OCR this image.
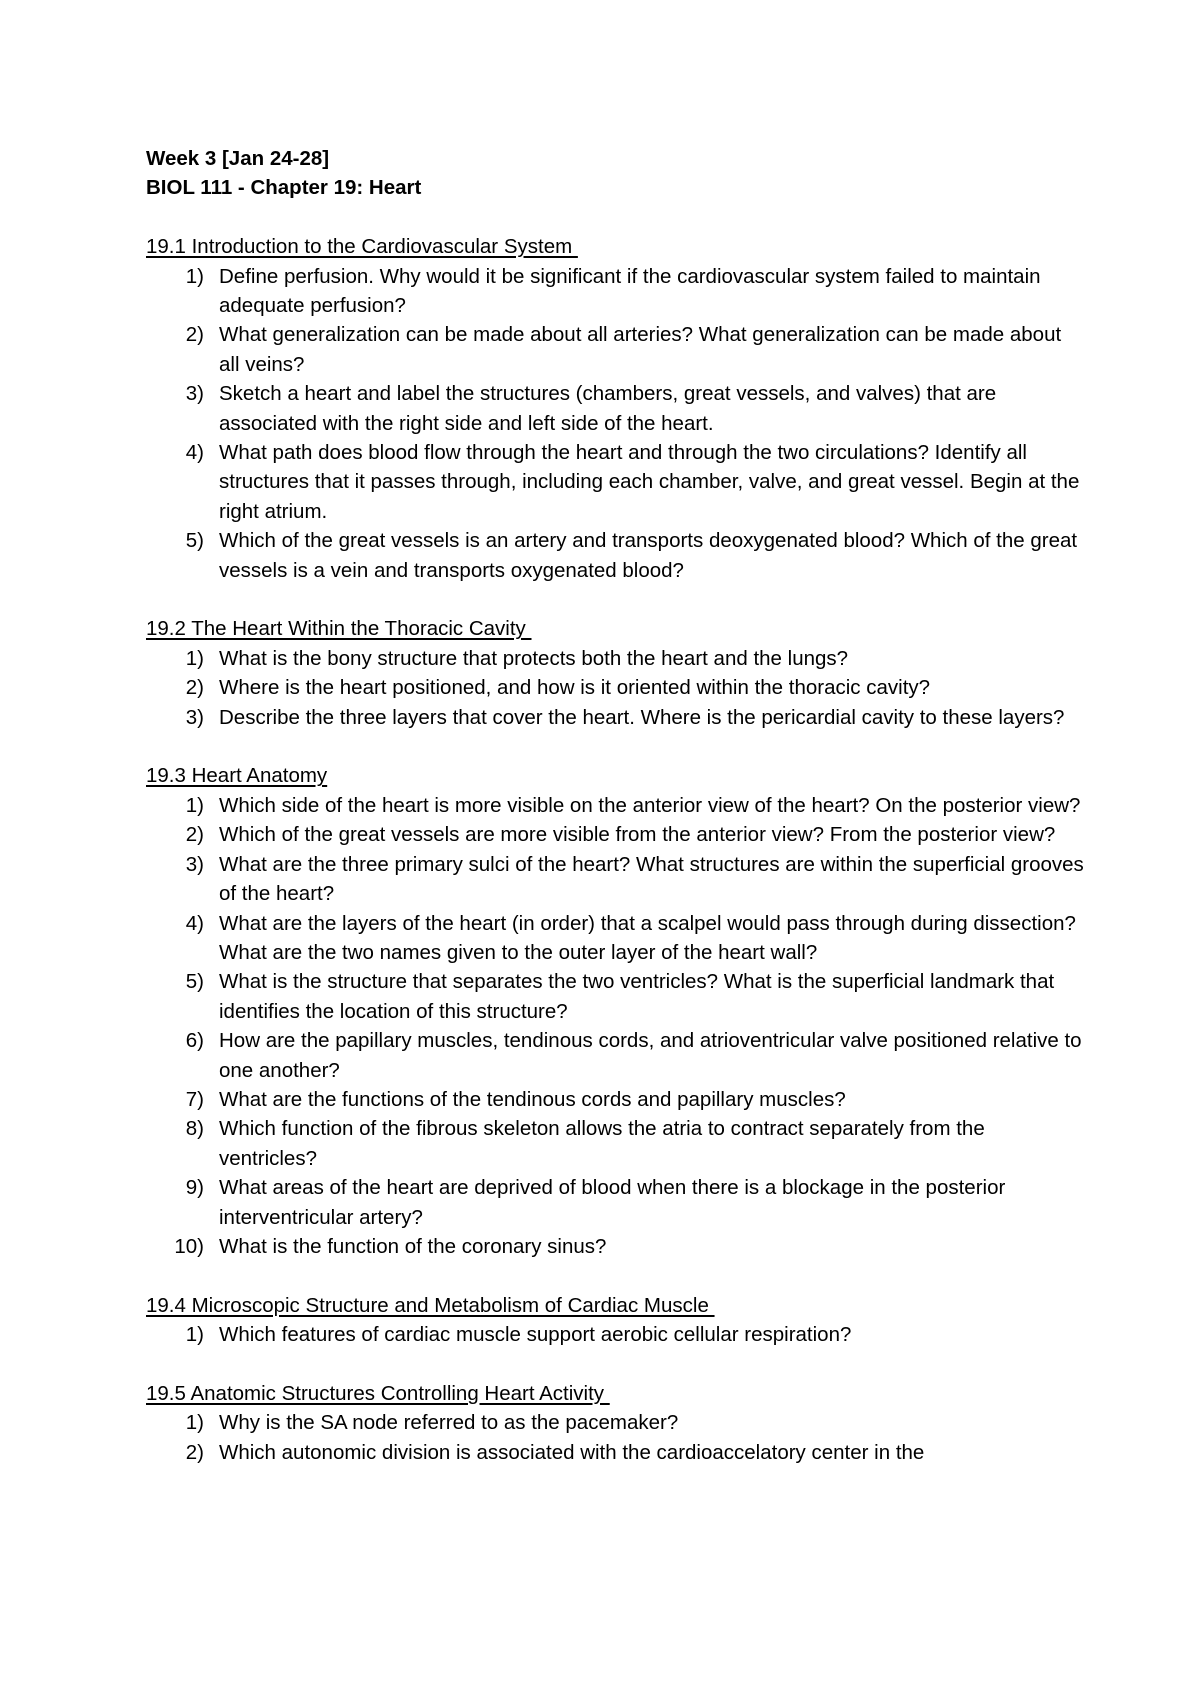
Week 3 [Jan 24-28]

BIOL 111 - Chapter 19: Heart

19.1 Introduction to the Cardiovascular System

1) Define perfusion. Why would it be significant if the cardiovascular system failed to maintain adequate perfusion?
2) What generalization can be made about all arteries? What generalization can be made about all veins?
3) Sketch a heart and label the structures (chambers, great vessels, and valves) that are associated with the right side and left side of the heart.
4) What path does blood flow through the heart and through the two circulations? Identify all structures that it passes through, including each chamber, valve, and great vessel. Begin at the right atrium.
5) Which of the great vessels is an artery and transports deoxygenated blood? Which of the great vessels is a vein and transports oxygenated blood?

19.2 The Heart Within the Thoracic Cavity

1) What is the bony structure that protects both the heart and the lungs?
2) Where is the heart positioned, and how is it oriented within the thoracic cavity?
3) Describe the three layers that cover the heart. Where is the pericardial cavity to these layers?

19.3 Heart Anatomy

1) Which side of the heart is more visible on the anterior view of the heart? On the posterior view?
2) Which of the great vessels are more visible from the anterior view? From the posterior view?
3) What are the three primary sulci of the heart? What structures are within the superficial grooves of the heart?
4) What are the layers of the heart (in order) that a scalpel would pass through during dissection? What are the two names given to the outer layer of the heart wall?
5) What is the structure that separates the two ventricles? What is the superficial landmark that identifies the location of this structure?
6) How are the papillary muscles, tendinous cords, and atrioventricular valve positioned relative to one another?
7) What are the functions of the tendinous cords and papillary muscles?
8) Which function of the fibrous skeleton allows the atria to contract separately from the ventricles?
9) What areas of the heart are deprived of blood when there is a blockage in the posterior interventricular artery?
10) What is the function of the coronary sinus?

19.4 Microscopic Structure and Metabolism of Cardiac Muscle

1) Which features of cardiac muscle support aerobic cellular respiration?

19.5 Anatomic Structures Controlling Heart Activity

1) Why is the SA node referred to as the pacemaker?
2) Which autonomic division is associated with the cardioaccelatory center in the
